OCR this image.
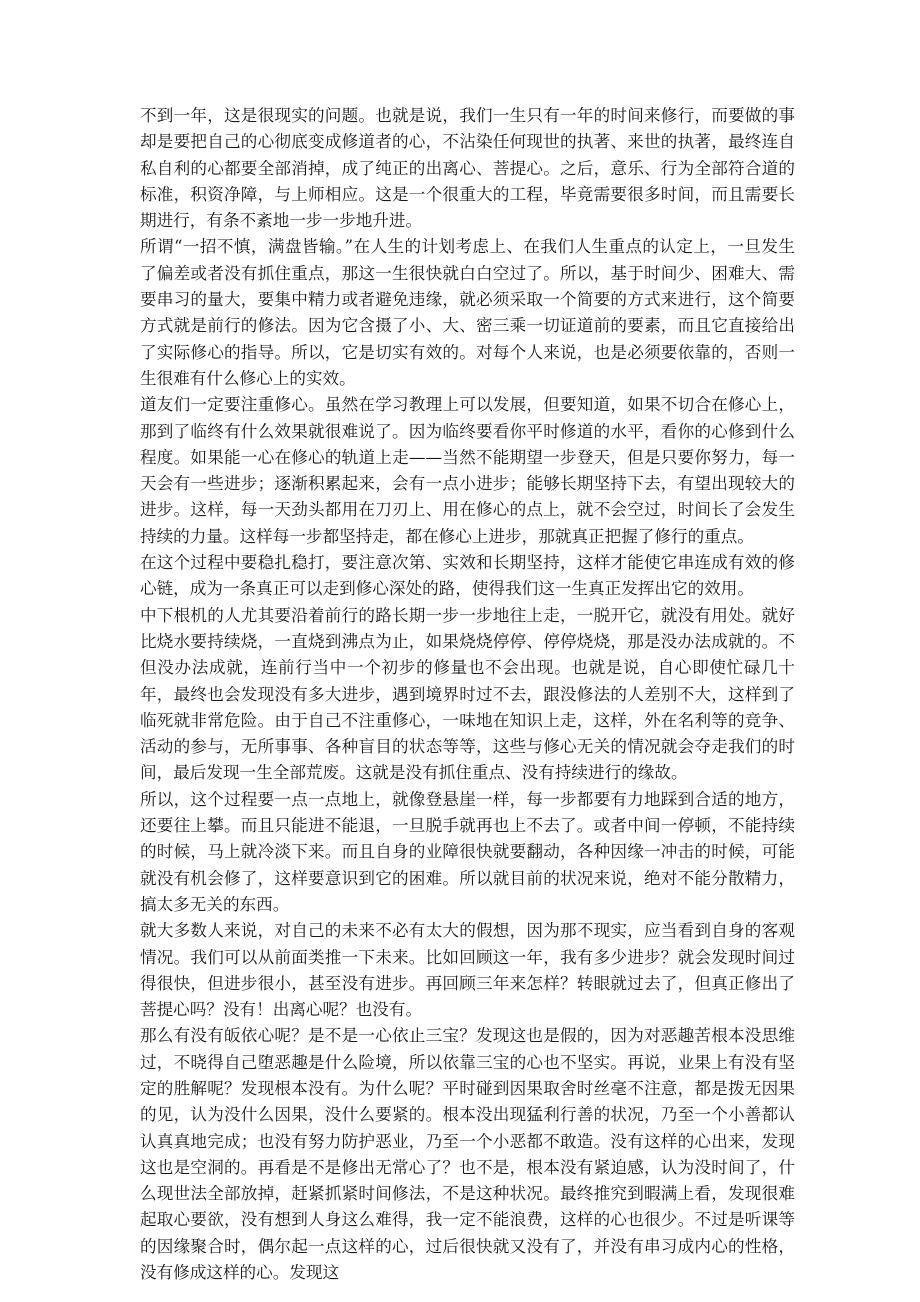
不到一年，这是很现实的问题。也就是说，我们一生只有一年的时间来修行，而要做的事却是要把自己的心彻底变成修道者的心，不沾染任何现世的执著、来世的执著，最终连自私自利的心都要全部消掉，成了纯正的出离心、菩提心。之后，意乐、行为全部符合道的标准，积资净障，与上师相应。这是一个很重大的工程，毕竟需要很多时间，而且需要长期进行，有条不紊地一步一步地升进。

所谓“一招不慎，满盘皆输。”在人生的计划考虑上、在我们人生重点的认定上，一旦发生了偏差或者没有抓住重点，那这一生很快就白白空过了。所以，基于时间少、困难大、需要串习的量大，要集中精力或者避免违缘，就必须采取一个简要的方式来进行，这个简要方式就是前行的修法。因为它含摄了小、大、密三乘一切证道前的要素，而且它直接给出了实际修心的指导。所以，它是切实有效的。对每个人来说，也是必须要依靠的，否则一生很难有什么修心上的实效。

道友们一定要注重修心。虽然在学习教理上可以发展，但要知道，如果不切合在修心上，那到了临终有什么效果就很难说了。因为临终要看你平时修道的水平，看你的心修到什么程度。如果能一心在修心的轨道上走——当然不能期望一步登天，但是只要你努力，每一天会有一些进步；逐渐积累起来，会有一点小进步；能够长期坚持下去，有望出现较大的进步。这样，每一天劲头都用在刀刃上、用在修心的点上，就不会空过，时间长了会发生持续的力量。这样每一步都坚持走，都在修心上进步，那就真正把握了修行的重点。

在这个过程中要稳扎稳打，要注意次第、实效和长期坚持，这样才能使它串连成有效的修心链，成为一条真正可以走到修心深处的路，使得我们这一生真正发挥出它的效用。

中下根机的人尤其要沿着前行的路长期一步一步地往上走，一脱开它，就没有用处。就好比烧水要持续烧，一直烧到沸点为止，如果烧烧停停、停停烧烧，那是没办法成就的。不但没办法成就，连前行当中一个初步的修量也不会出现。也就是说，自心即使忙碌几十年，最终也会发现没有多大进步，遇到境界时过不去，跟没修法的人差别不大，这样到了临死就非常危险。由于自己不注重修心，一味地在知识上走，这样，外在名利等的竞争、活动的参与，无所事事、各种盲目的状态等等，这些与修心无关的情况就会夺走我们的时间，最后发现一生全部荒废。这就是没有抓住重点、没有持续进行的缘故。

所以，这个过程要一点一点地上，就像登悬崖一样，每一步都要有力地踩到合适的地方，还要往上攀。而且只能进不能退，一旦脱手就再也上不去了。或者中间一停顿，不能持续的时候，马上就冷淡下来。而且自身的业障很快就要翻动，各种因缘一冲击的时候，可能就没有机会修了，这样要意识到它的困难。所以就目前的状况来说，绝对不能分散精力，搞太多无关的东西。

就大多数人来说，对自己的未来不必有太大的假想，因为那不现实，应当看到自身的客观情况。我们可以从前面类推一下未来。比如回顾这一年，我有多少进步？就会发现时间过得很快，但进步很小，甚至没有进步。再回顾三年来怎样？转眼就过去了，但真正修出了菩提心吗？没有！出离心呢？也没有。

那么有没有皈依心呢？是不是一心依止三宝？发现这也是假的，因为对恶趣苦根本没思维过，不晓得自己堕恶趣是什么险境，所以依靠三宝的心也不坚实。再说，业果上有没有坚定的胜解呢？发现根本没有。为什么呢？平时碰到因果取舍时丝毫不注意，都是拨无因果的见，认为没什么因果，没什么要紧的。根本没出现猛利行善的状况，乃至一个小善都认认真真地完成；也没有努力防护恶业，乃至一个小恶都不敢造。没有这样的心出来，发现这也是空洞的。再看是不是修出无常心了？也不是，根本没有紧迫感，认为没时间了，什么现世法全部放掉，赶紧抓紧时间修法，不是这种状况。最终推究到暇满上看，发现很难起取心要欲，没有想到人身这么难得，我一定不能浪费，这样的心也很少。不过是听课等的因缘聚合时，偶尔起一点这样的心，过后很快就又没有了，并没有串习成内心的性格，没有修成这样的心。发现这
